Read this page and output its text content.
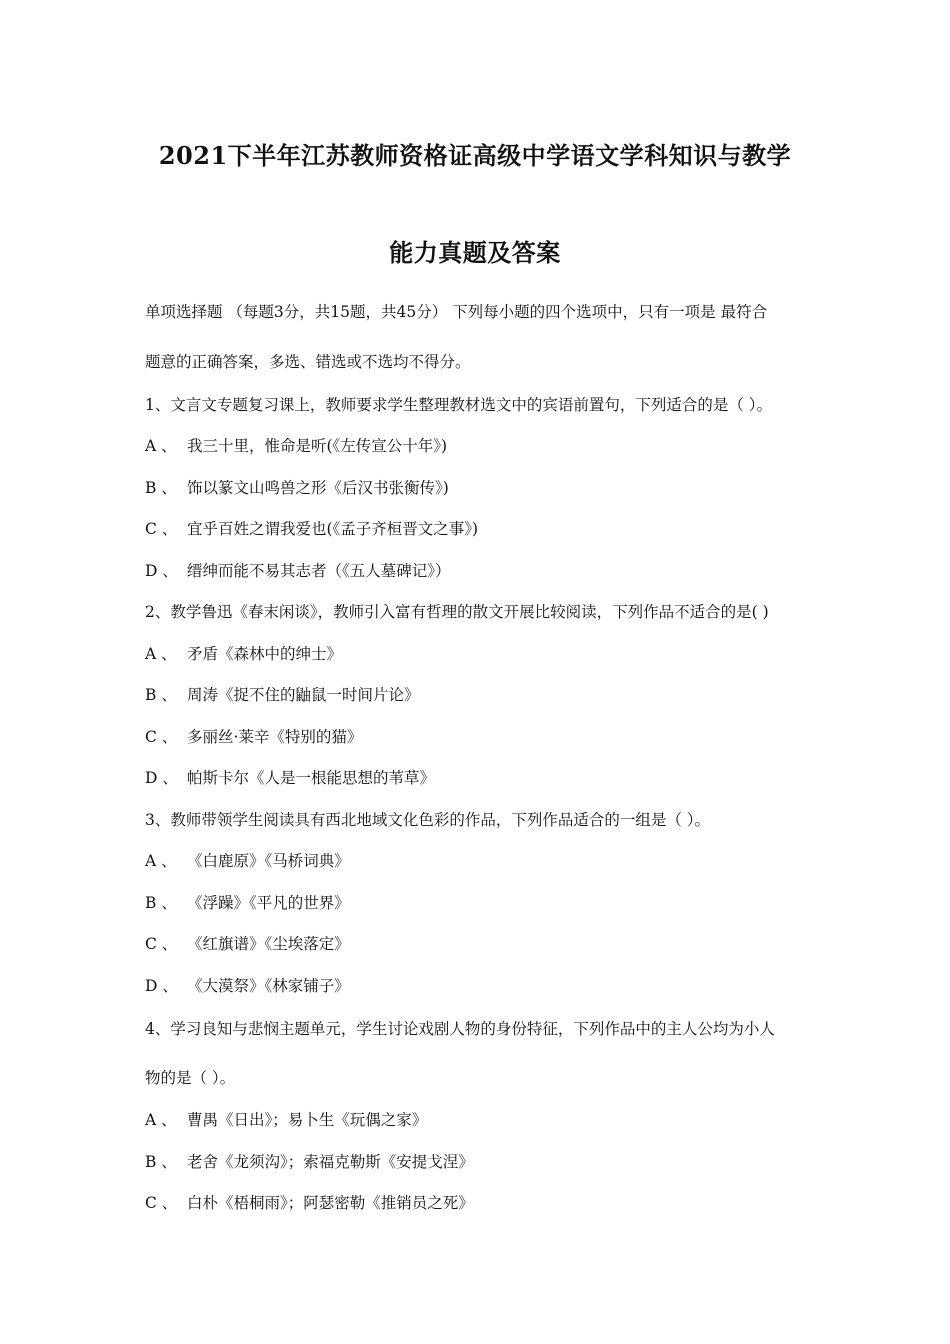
2021下半年江苏教师资格证高级中学语文学科知识与教学
能力真题及答案
单项选择题 （每题3分，共15题，共45分） 下列每小题的四个选项中，只有一项是 最符合
题意的正确答案，多选、错选或不选均不得分。
1、文言文专题复习课上，教师要求学生整理教材选文中的宾语前置句，下列适合的是（ ）。
A 、 我三十里，惟命是听(《左传宣公十年》)
B 、 饰以篆文山鸣兽之形《后汉书张衡传》)
C 、 宜乎百姓之谓我爱也(《孟子齐桓晋文之事》)
D 、 缙绅而能不易其志者（《五人墓碑记》）
2、教学鲁迅《春末闲谈》，教师引入富有哲理的散文开展比较阅读，下列作品不适合的是( )
A 、 矛盾《森林中的绅士》
B 、 周涛《捉不住的鼬鼠一时间片论》
C 、 多丽丝·莱辛《特别的猫》
D 、 帕斯卡尔《人是一根能思想的苇草》
3、教师带领学生阅读具有西北地域文化色彩的作品，下列作品适合的一组是（ ）。
A 、 《白鹿原》《马桥词典》
B 、 《浮躁》《平凡的世界》
C 、 《红旗谱》《尘埃落定》
D 、 《大漠祭》《林家铺子》
4、学习良知与悲悯主题单元，学生讨论戏剧人物的身份特征，下列作品中的主人公均为小人
物的是（ ）。
A 、 曹禺《日出》；易卜生《玩偶之家》
B 、 老舍《龙须沟》；索福克勒斯《安提戈涅》
C 、 白朴《梧桐雨》；阿瑟密勒《推销员之死》
